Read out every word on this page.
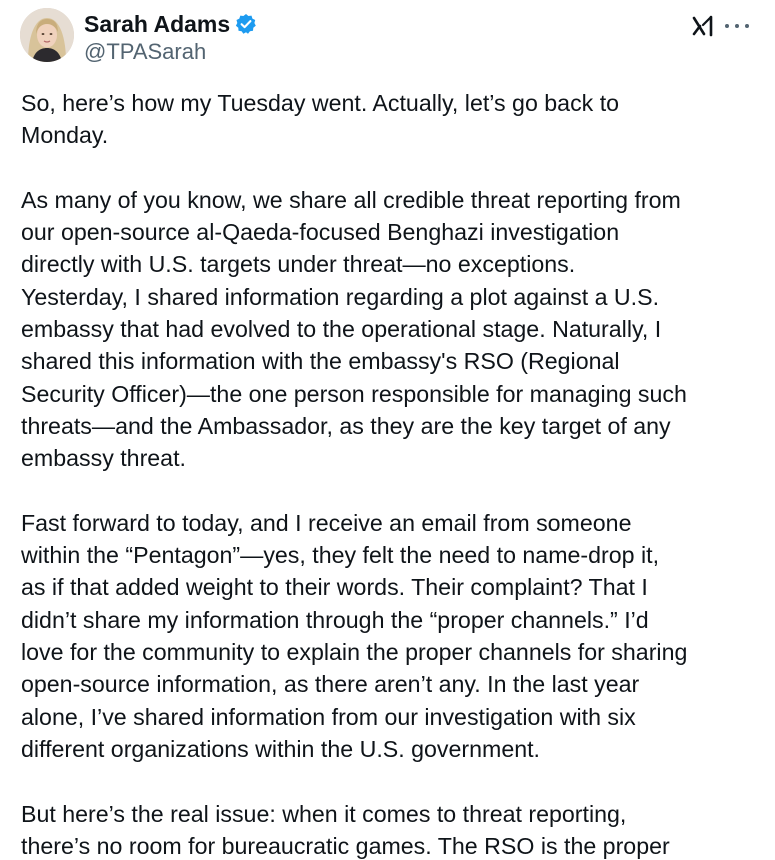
Sarah Adams
@TPASarah

So, here’s how my Tuesday went. Actually, let’s go back to
Monday.

As many of you know, we share all credible threat reporting from
our open-source al-Qaeda-focused Benghazi investigation
directly with U.S. targets under threat—no exceptions.
Yesterday, I shared information regarding a plot against a U.S.
embassy that had evolved to the operational stage. Naturally, I
shared this information with the embassy's RSO (Regional
Security Officer)—the one person responsible for managing such
threats—and the Ambassador, as they are the key target of any
embassy threat.

Fast forward to today, and I receive an email from someone
within the “Pentagon”—yes, they felt the need to name-drop it,
as if that added weight to their words. Their complaint? That I
didn’t share my information through the “proper channels.” I’d
love for the community to explain the proper channels for sharing
open-source information, as there aren’t any. In the last year
alone, I’ve shared information from our investigation with six
different organizations within the U.S. government.

But here’s the real issue: when it comes to threat reporting,
there’s no room for bureaucratic games. The RSO is the proper
